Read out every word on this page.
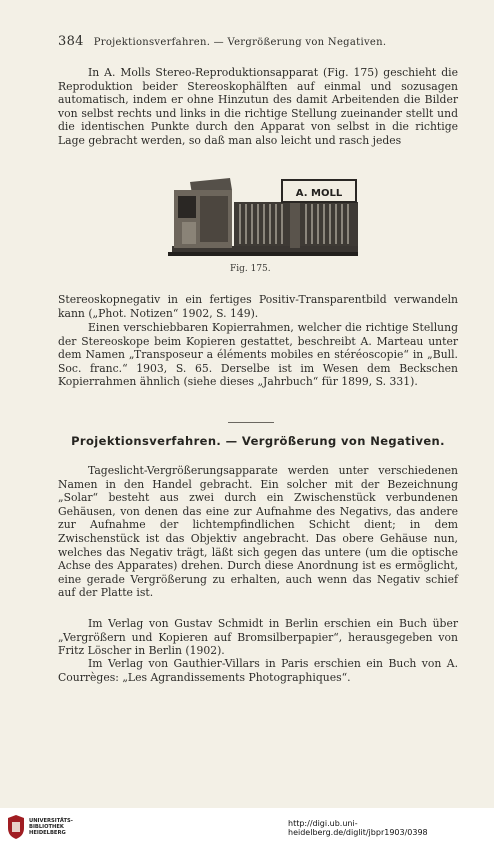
384 Projektionsverfahren. — Vergrößerung von Negativen.

In A. Molls Stereo-Reproduktionsapparat (Fig. 175) geschieht die Reproduktion beider Stereoskophälften auf einmal und sozusagen automatisch, indem er ohne Hinzutun des damit Arbeitenden die Bilder von selbst rechts und links in die richtige Stellung zueinander stellt und die identischen Punkte durch den Apparat von selbst in die richtige Lage gebracht werden, so daß man also leicht und rasch jedes

A. MOLL
Fig. 175.

Stereoskopnegativ in ein fertiges Positiv-Transparentbild verwandeln kann („Phot. Notizen“ 1902, S. 149).

Einen verschiebbaren Kopierrahmen, welcher die richtige Stellung der Stereoskope beim Kopieren gestattet, beschreibt A. Marteau unter dem Namen „Transposeur a éléments mobiles en stéréoscopie“ in „Bull. Soc. franc.“ 1903, S. 65. Derselbe ist im Wesen dem Beckschen Kopierrahmen ähnlich (siehe dieses „Jahrbuch“ für 1899, S. 331).

Projektionsverfahren. — Vergrößerung von Negativen.

Tageslicht-Vergrößerungsapparate werden unter verschiedenen Namen in den Handel gebracht. Ein solcher mit der Bezeichnung „Solar“ besteht aus zwei durch ein Zwischenstück verbundenen Gehäusen, von denen das eine zur Aufnahme des Negativs, das andere zur Aufnahme der lichtempfindlichen Schicht dient; in dem Zwischenstück ist das Objektiv angebracht. Das obere Gehäuse nun, welches das Negativ trägt, läßt sich gegen das untere (um die optische Achse des Apparates) drehen. Durch diese Anordnung ist es ermöglicht, eine gerade Vergrößerung zu erhalten, auch wenn das Negativ schief auf der Platte ist.

Im Verlag von Gustav Schmidt in Berlin erschien ein Buch über „Vergrößern und Kopieren auf Bromsilberpapier“, herausgegeben von Fritz Löscher in Berlin (1902).

Im Verlag von Gauthier-Villars in Paris erschien ein Buch von A. Courrèges: „Les Agrandissements Photographiques“.

UNIVERSITÄTS-
BIBLIOTHEK
HEIDELBERG
http://digi.ub.uni-heidelberg.de/diglit/jbpr1903/0398
